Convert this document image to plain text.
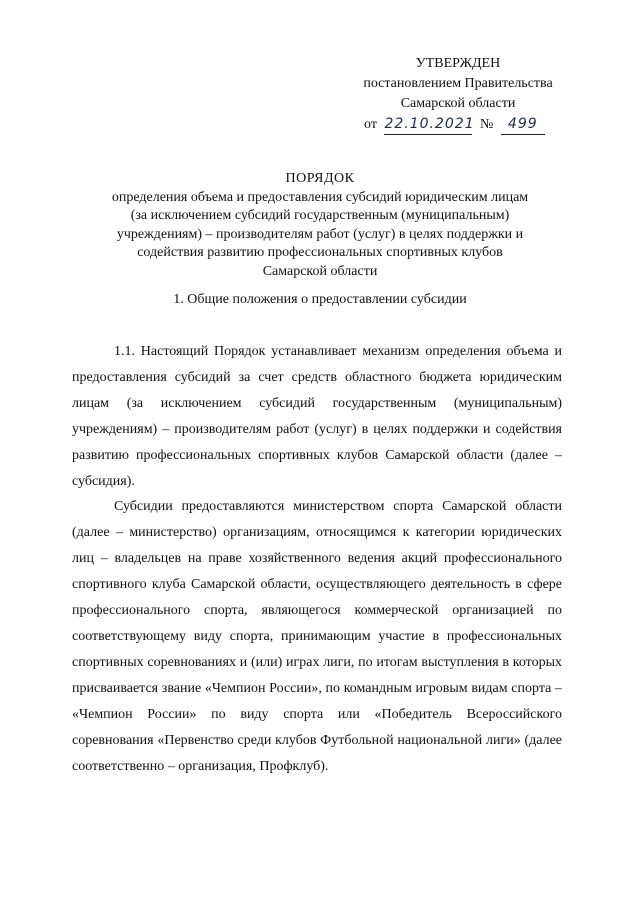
УТВЕРЖДЕН
постановлением Правительства
Самарской области
от 22.10.2021 № 499
ПОРЯДОК
определения объема и предоставления субсидий юридическим лицам
(за исключением субсидий государственным (муниципальным)
учреждениям) – производителям работ (услуг) в целях поддержки и
содействия развитию профессиональных спортивных клубов
Самарской области
1. Общие положения о предоставлении субсидии

1.1. Настоящий Порядок устанавливает механизм определения объема и предоставления субсидий за счет средств областного бюджета юридическим лицам (за исключением субсидий государственным (муниципальным) учреждениям) – производителям работ (услуг) в целях поддержки и содействия развитию профессиональных спортивных клубов Самарской области (далее – субсидия).

Субсидии предоставляются министерством спорта Самарской области (далее – министерство) организациям, относящимся к категории юридических лиц – владельцев на праве хозяйственного ведения акций профессионального спортивного клуба Самарской области, осуществляющего деятельность в сфере профессионального спорта, являющегося коммерческой организацией по соответствующему виду спорта, принимающим участие в профессиональных спортивных соревнованиях и (или) играх лиги, по итогам выступления в которых присваивается звание «Чемпион России», по командным игровым видам спорта – «Чемпион России» по виду спорта или «Победитель Всероссийского соревнования «Первенство среди клубов Футбольной национальной лиги» (далее соответственно – организация, Профклуб).
